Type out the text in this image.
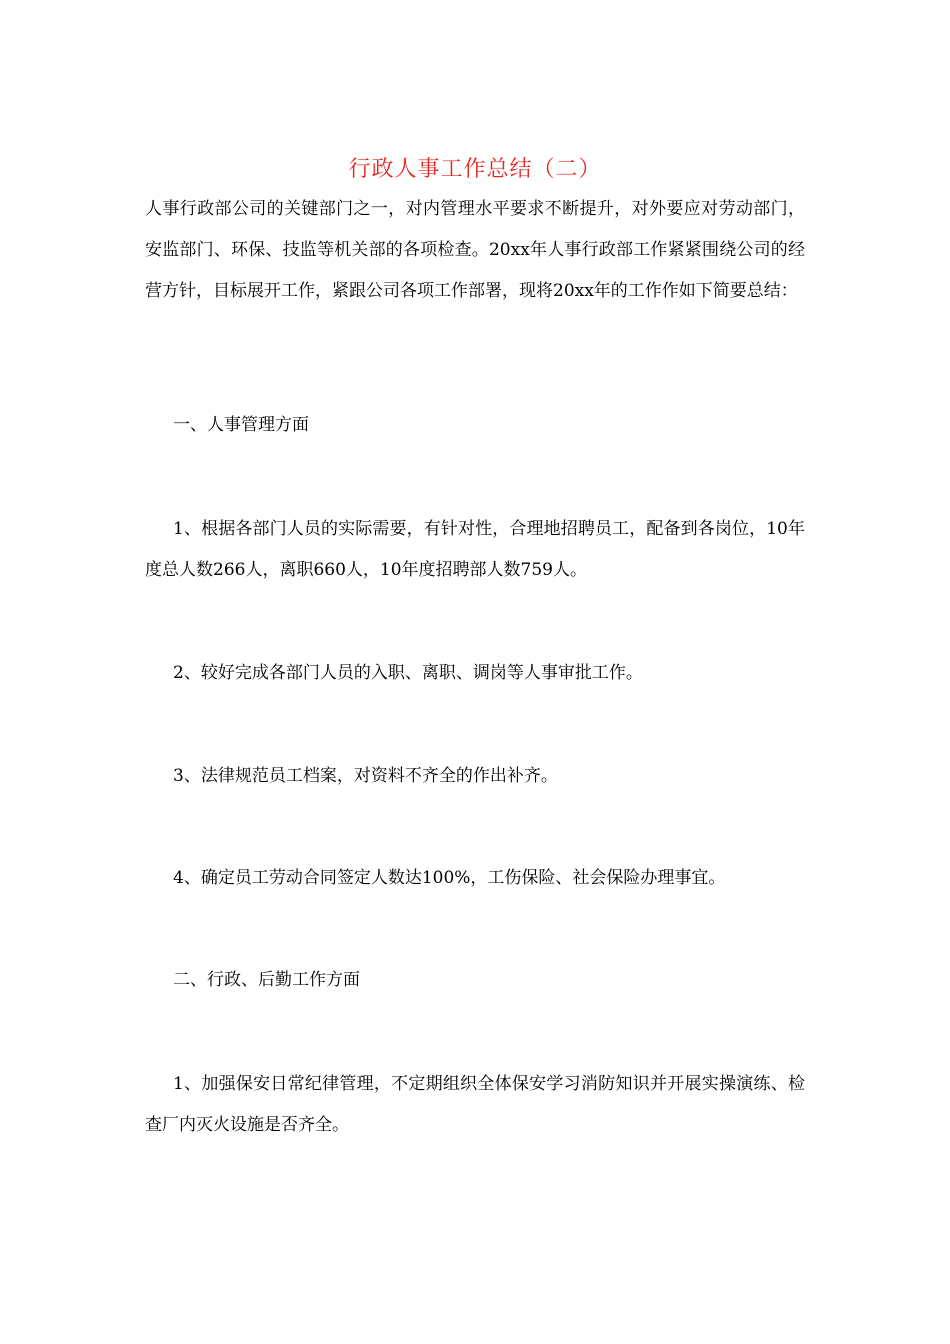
行政人事工作总结（二）

人事行政部公司的关键部门之一，对内管理水平要求不断提升，对外要应对劳动部门，安监部门、环保、技监等机关部的各项检查。20xx年人事行政部工作紧紧围绕公司的经营方针，目标展开工作，紧跟公司各项工作部署，现将20xx年的工作作如下简要总结：

一、人事管理方面

1、根据各部门人员的实际需要，有针对性，合理地招聘员工，配备到各岗位，10年度总人数266人，离职660人，10年度招聘部人数759人。

2、较好完成各部门人员的入职、离职、调岗等人事审批工作。

3、法律规范员工档案，对资料不齐全的作出补齐。

4、确定员工劳动合同签定人数达100%，工伤保险、社会保险办理事宜。

二、行政、后勤工作方面

1、加强保安日常纪律管理，不定期组织全体保安学习消防知识并开展实操演练、检查厂内灭火设施是否齐全。
